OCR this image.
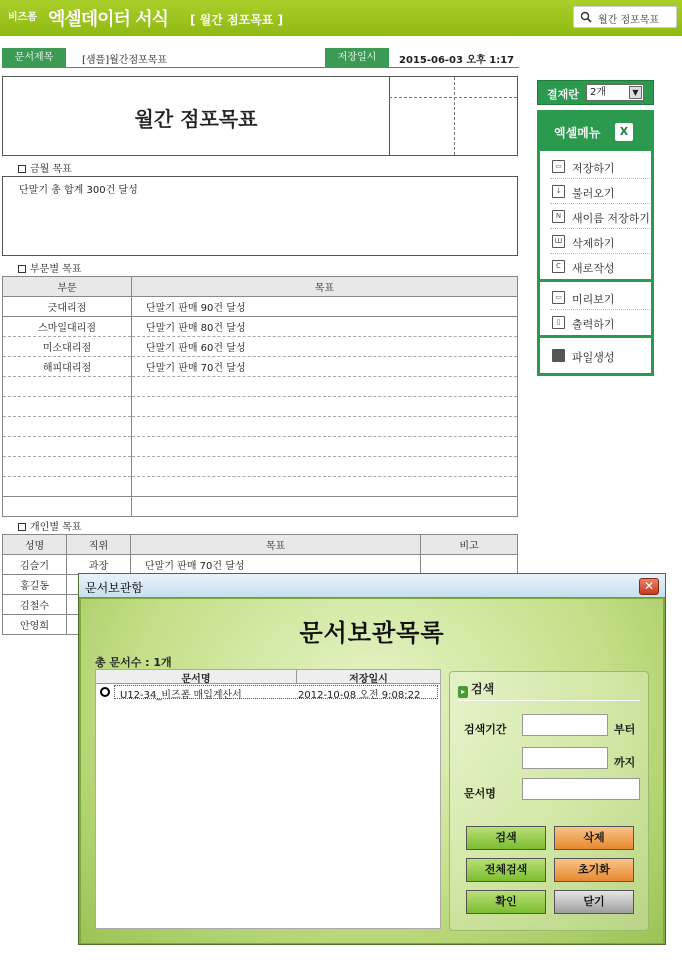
비즈폼 엑셀데이터 서식 [ 월간 점포목표 ]	월간 점포목표
문서제목	[샘플]월간점포목표	저장일시	2015-06-03 오후 1:17
월간 점포목표
금월 목표
단말기 총 합계 300건 달성
부문별 목표
부문	목표
긋대리점	단말기 판매 90건 달성
스마일대리점	단말기 판매 80건 달성
미소대리점	단말기 판매 60건 달성
해피대리점	단말기 판매 70건 달성

개인별 목표
성명	직위	목표	비고
김슬기	과장	단말기 판매 70건 달성	
홍길동			
김철수			
안영희			
결재란	2개	▼
엑셀메뉴	X
▭ 저장하기
↓ 불러오기
N 새이름 저장하기
Ш 삭제하기
C	새로작성
▭ 미리보기
▯	출력하기
파일생성
문서보관함	✕
문서보관목록
총 문서수 : 1개
문서명	저장일시
U12-34_비즈폼 매입계산서	2012-10-08 오전 9:08:22	▸ 검색
검색기간	부터
까지
문서명
검색	삭제
전체검색	초기화
확인	닫기
